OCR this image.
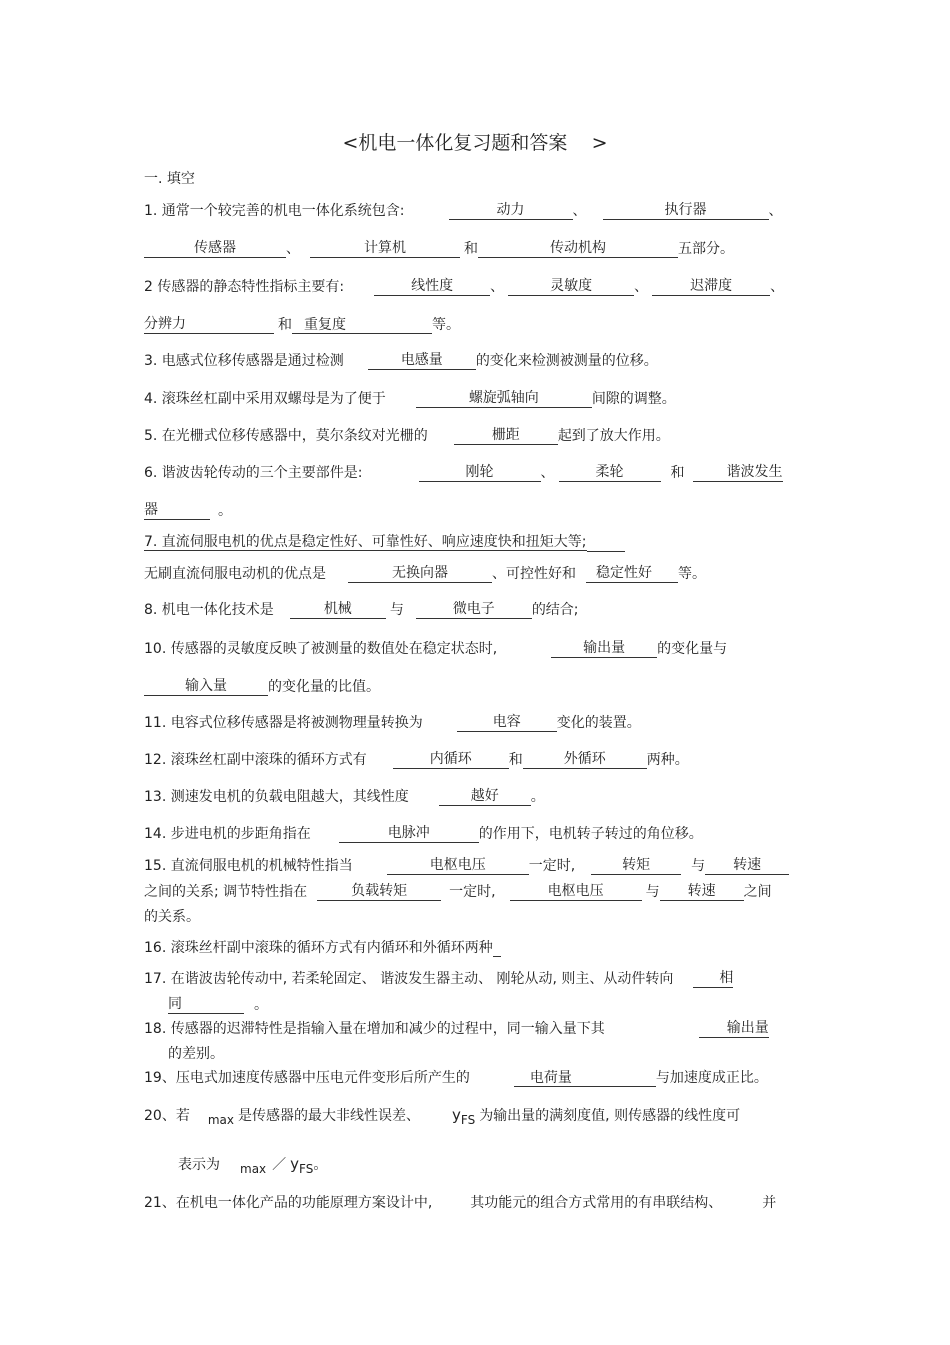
<机电一体化复习题和答案    >
一. 填空
1. 通常一个较完善的机电一体化系统包含:	动力	、	执行器	、
传感器	、	计算机	和	传动机构	五部分。
2 传感器的静态特性指标主要有:	线性度	、	灵敏度	、	迟滞度	、
分辨力	和 重复度	等。
3. 电感式位移传感器是通过检测	电感量 的变化来检测被测量的位移。
4. 滚珠丝杠副中采用双螺母是为了便于	螺旋弧轴向	间隙的调整。
5. 在光栅式位移传感器中，莫尔条纹对光栅的	栅距	起到了放大作用。
6. 谐波齿轮传动的三个主要部件是:	刚轮	、	柔轮	和	谐波发生
器	。
7. 直流伺服电机的优点是稳定性好、可靠性好、响应速度快和扭矩大等;
无刷直流伺服电动机的优点是	无换向器	、可控性好和 稳定性好 等。
8. 机电一体化技术是	机械	与	微电子	的结合;
10. 传感器的灵敏度反映了被测量的数值处在稳定状态时,	输出量 的变化量与
输入量	的变化量的比值。
11. 电容式位移传感器是将被测物理量转换为	电容	变化的装置。
12. 滚珠丝杠副中滚珠的循环方式有	内循环	和	外循环	两种。
13. 测速发电机的负载电阻越大，其线性度	越好 。
14. 步进电机的步距角指在	电脉冲	的作用下，电机转子转过的角位移。
15. 直流伺服电机的机械特性指当	电枢电压	一定时,	转矩	与 转速
之间的关系; 调节特性指在	负载转矩	一定时,	电枢电压	与 转速 之间
的关系。
16. 滚珠丝杆副中滚珠的循环方式有内循环和外循环两种
17. 在谐波齿轮传动中, 若柔轮固定、 谐波发生器主动、 刚轮从动, 则主、从动件转向	相
同	。
18. 传感器的迟滞特性是指输入量在增加和减少的过程中，同一输入量下其	输出量
的差别。
19、压电式加速度传感器中压电元件变形后所产生的	电荷量	与加速度成正比。
20、若 max 是传感器的最大非线性误差、 yFS 为输出量的满刻度值, 则传感器的线性度可
表示为 max ／ yFS。
21、在机电一体化产品的功能原理方案设计中,	其功能元的组合方式常用的有串联结构、	并
